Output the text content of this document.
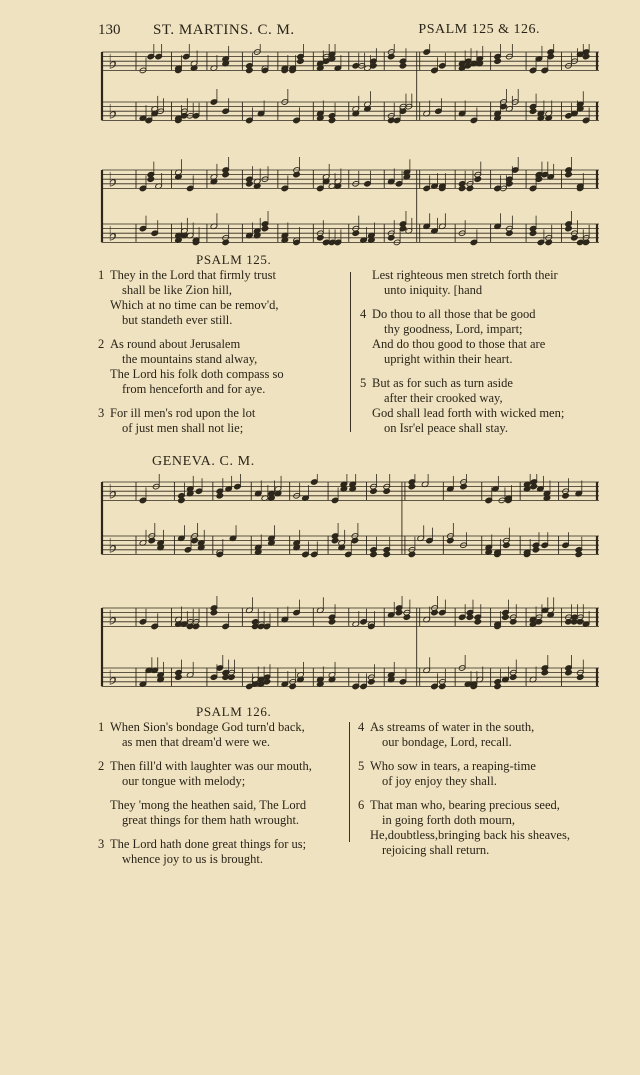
130 ST. MARTINS. C. M.	PSALM 125 & 126.
♭
♭
♭
♭
PSALM 125.
1 They in the Lord that firmly trust
shall be like Zion hill,
Which at no time can be remov'd,
but standeth ever still.
2 As round about Jerusalem
the mountains stand alway,
The Lord his folk doth compass so
from henceforth and for aye.
3 For ill men's rod upon the lot
of just men shall not lie;
Lest righteous men stretch forth their
unto iniquity. [hand
4 Do thou to all those that be good
thy goodness, Lord, impart;
And do thou good to those that are
upright within their heart.
5 But as for such as turn aside
after their crooked way,
God shall lead forth with wicked men;
on Isr'el peace shall stay.
GENEVA. C. M.
♭
♭
♭
♭
PSALM 126.
1 When Sion's bondage God turn'd back,
as men that dream'd were we.
2 Then fill'd with laughter was our mouth,
our tongue with melody;
They 'mong the heathen said, The Lord
great things for them hath wrought.
3 The Lord hath done great things for us;
whence joy to us is brought.
4 As streams of water in the south,
our bondage, Lord, recall.
5 Who sow in tears, a reaping-time
of joy enjoy they shall.
6 That man who, bearing precious seed,
in going forth doth mourn,
He,doubtless,bringing back his sheaves,
rejoicing shall return.
